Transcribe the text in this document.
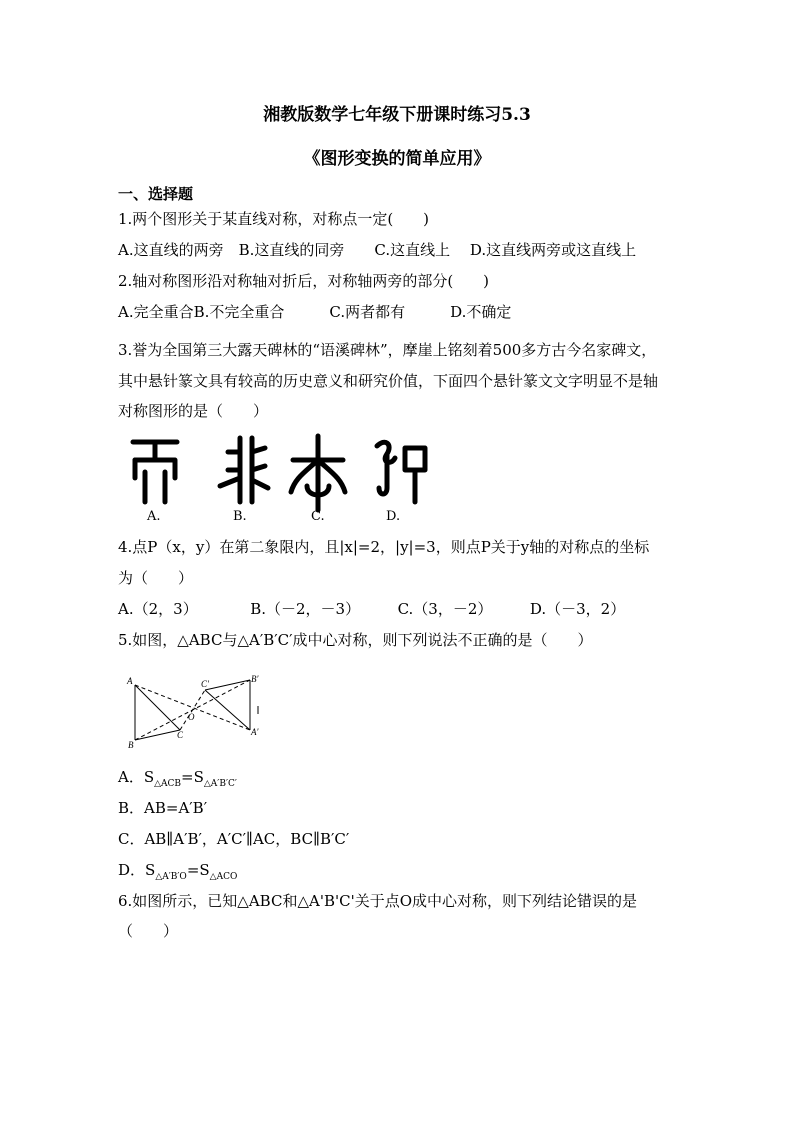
湘教版数学七年级下册课时练习5.3
《图形变换的简单应用》
一、选择题
1.两个图形关于某直线对称，对称点一定(　　)
A.这直线的两旁　B.这直线的同旁　　C.这直线上　 D.这直线两旁或这直线上
2.轴对称图形沿对称轴对折后，对称轴两旁的部分(　　)
A.完全重合B.不完全重合　　　C.两者都有　　　D.不确定
3.誉为全国第三大露天碑林的“语溪碑林”，摩崖上铭刻着500多方古今名家碑文，
其中悬针篆文具有较高的历史意义和研究价值，下面四个悬针篆文文字明显不是轴
对称图形的是（　　）
A.	B.	C.	D.
4.点P（x，y）在第二象限内，且|x|=2，|y|=3，则点P关于y轴的对称点的坐标
为（　　）
A.（2，3）　　　　B.（－2，－3）　　　C.（3，－2）　　　D.（－3，2）
5.如图，△ABC与△A′B′C′成中心对称，则下列说法不正确的是（　　）
A
B
C
O
C′	B′
A′
A．$S_{\triangle ACB}=S_{\triangle A'B'C'}$
B．AB=A′B′
C．AB∥A′B′，A′C′∥AC，BC∥B′C′
D．$S_{\triangle A'B'O}=S_{\triangle ACO}$
6.如图所示，已知△ABC和△A'B'C'关于点O成中心对称，则下列结论错误的是
（　　）
